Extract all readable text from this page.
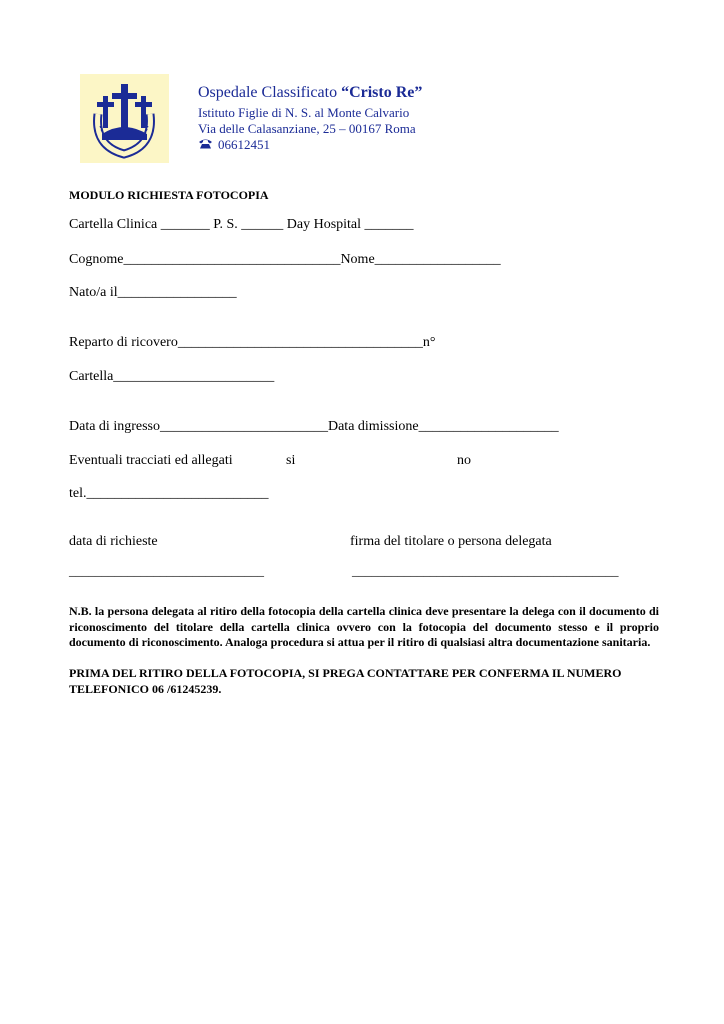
Ospedale Classificato “Cristo Re”
Istituto Figlie di N. S. al Monte Calvario
Via delle Calasanziane, 25 – 00167 Roma
06612451
MODULO RICHIESTA FOTOCOPIA
Cartella Clinica _______ P. S. ______ Day Hospital _______
Cognome_______________________________Nome__________________
Nato/a il_________________
Reparto di ricovero___________________________________n°
Cartella_______________________
Data di ingresso________________________Data dimissione____________________
Eventuali tracciati ed allegati	si	no
tel.__________________________
data di richieste	firma del titolare o persona delegata
______________________________	_________________________________________
N.B. la persona delegata al ritiro della fotocopia della cartella clinica deve presentare la delega con il documento di riconoscimento del titolare della cartella clinica ovvero con la fotocopia del documento stesso e il proprio documento di riconoscimento. Analoga procedura si attua per il ritiro di qualsiasi altra documentazione sanitaria.
PRIMA DEL RITIRO DELLA FOTOCOPIA, SI PREGA CONTATTARE PER CONFERMA IL NUMERO TELEFONICO 06 /61245239.
